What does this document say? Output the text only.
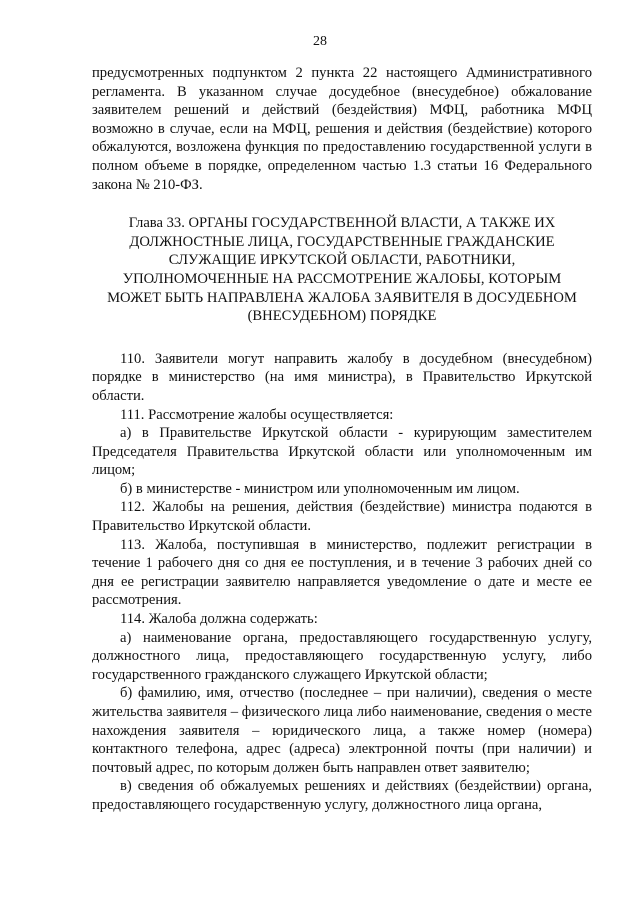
28

предусмотренных подпунктом 2 пункта 22 настоящего Административного регламента. В указанном случае досудебное (внесудебное) обжалование заявителем решений и действий (бездействия) МФЦ, работника МФЦ возможно в случае, если на МФЦ, решения и действия (бездействие) которого обжалуются, возложена функция по предоставлению государственной услуги в полном объеме в порядке, определенном частью 1.3 статьи 16 Федерального закона № 210-ФЗ.

Глава 33. ОРГАНЫ ГОСУДАРСТВЕННОЙ ВЛАСТИ, А ТАКЖЕ ИХ
ДОЛЖНОСТНЫЕ ЛИЦА, ГОСУДАРСТВЕННЫЕ ГРАЖДАНСКИЕ
СЛУЖАЩИЕ ИРКУТСКОЙ ОБЛАСТИ, РАБОТНИКИ,
УПОЛНОМОЧЕННЫЕ НА РАССМОТРЕНИЕ ЖАЛОБЫ, КОТОРЫМ
МОЖЕТ БЫТЬ НАПРАВЛЕНА ЖАЛОБА ЗАЯВИТЕЛЯ В ДОСУДЕБНОМ
(ВНЕСУДЕБНОМ) ПОРЯДКЕ

110. Заявители могут направить жалобу в досудебном (внесудебном) порядке в министерство (на имя министра), в Правительство Иркутской области.

111. Рассмотрение жалобы осуществляется:

а) в Правительстве Иркутской области - курирующим заместителем Председателя Правительства Иркутской области или уполномоченным им лицом;

б) в министерстве - министром или уполномоченным им лицом.

112. Жалобы на решения, действия (бездействие) министра подаются в Правительство Иркутской области.

113. Жалоба, поступившая в министерство, подлежит регистрации в течение 1 рабочего дня со дня ее поступления, и в течение 3 рабочих дней со дня ее регистрации заявителю направляется уведомление о дате и месте ее рассмотрения.

114. Жалоба должна содержать:

а) наименование органа, предоставляющего государственную услугу, должностного лица, предоставляющего государственную услугу, либо государственного гражданского служащего Иркутской области;

б) фамилию, имя, отчество (последнее – при наличии), сведения о месте жительства заявителя – физического лица либо наименование, сведения о месте нахождения заявителя – юридического лица, а также номер (номера) контактного телефона, адрес (адреса) электронной почты (при наличии) и почтовый адрес, по которым должен быть направлен ответ заявителю;

в) сведения об обжалуемых решениях и действиях (бездействии) органа, предоставляющего государственную услугу, должностного лица органа,
